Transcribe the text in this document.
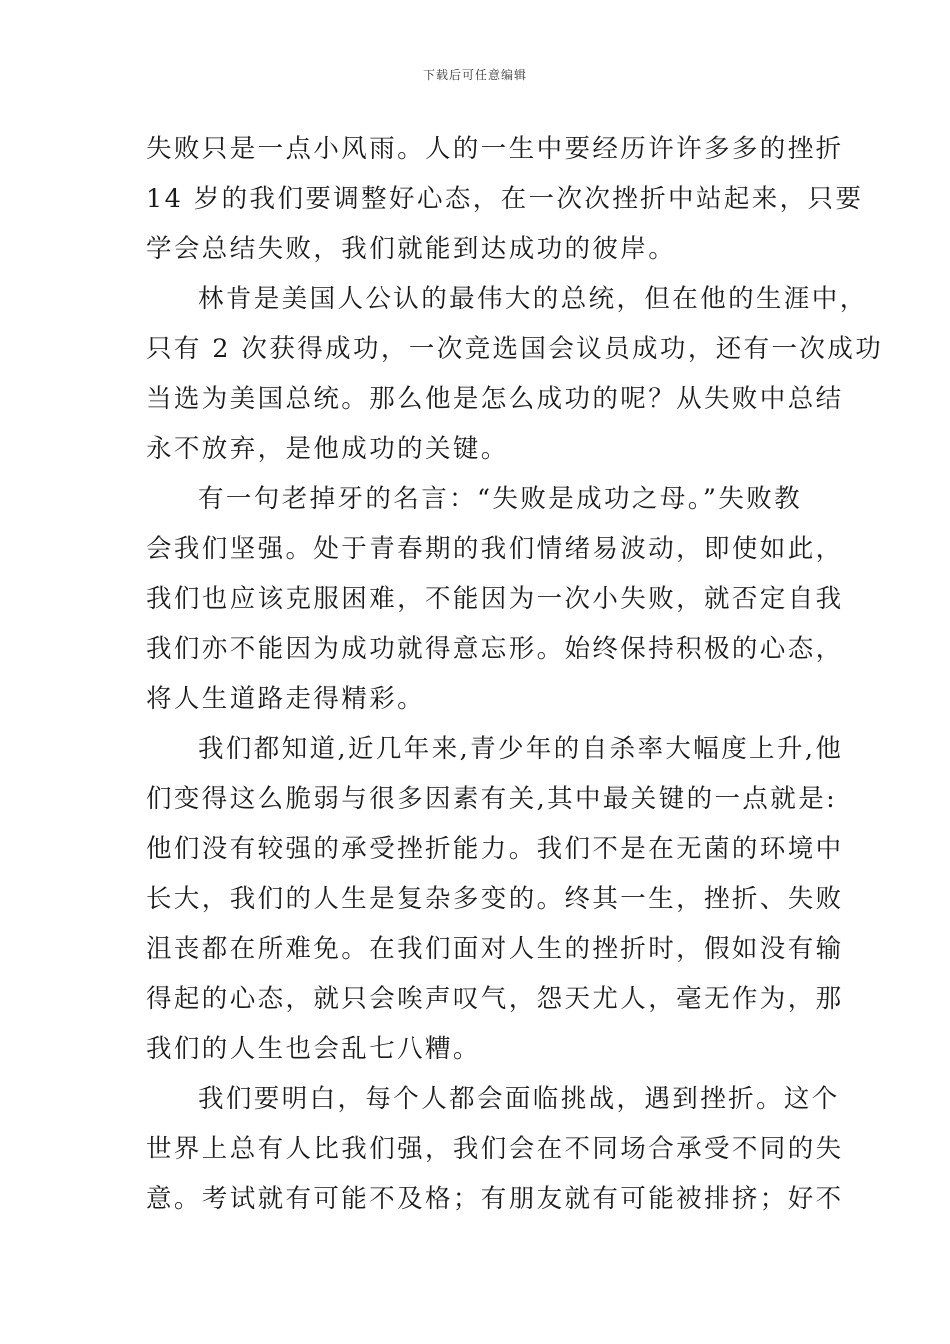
下载后可任意编辑
失败只是一点小风雨。人的一生中要经历许许多多的挫折
14 岁的我们要调整好心态，在一次次挫折中站起来，只要
学会总结失败，我们就能到达成功的彼岸。
林肯是美国人公认的最伟大的总统，但在他的生涯中，
只有 2 次获得成功，一次竞选国会议员成功，还有一次成功
当选为美国总统。那么他是怎么成功的呢？从失败中总结
永不放弃，是他成功的关键。
有一句老掉牙的名言：“失败是成功之母。”失败教
会我们坚强。处于青春期的我们情绪易波动，即使如此，
我们也应该克服困难，不能因为一次小失败，就否定自我
我们亦不能因为成功就得意忘形。始终保持积极的心态，
将人生道路走得精彩。
我们都知道,近几年来,青少年的自杀率大幅度上升,他
们变得这么脆弱与很多因素有关,其中最关键的一点就是:
他们没有较强的承受挫折能力。我们不是在无菌的环境中
长大，我们的人生是复杂多变的。终其一生，挫折、失败
沮丧都在所难免。在我们面对人生的挫折时，假如没有输
得起的心态，就只会唉声叹气，怨天尤人，毫无作为，那
我们的人生也会乱七八糟。
我们要明白，每个人都会面临挑战，遇到挫折。这个
世界上总有人比我们强，我们会在不同场合承受不同的失
意。考试就有可能不及格；有朋友就有可能被排挤；好不
